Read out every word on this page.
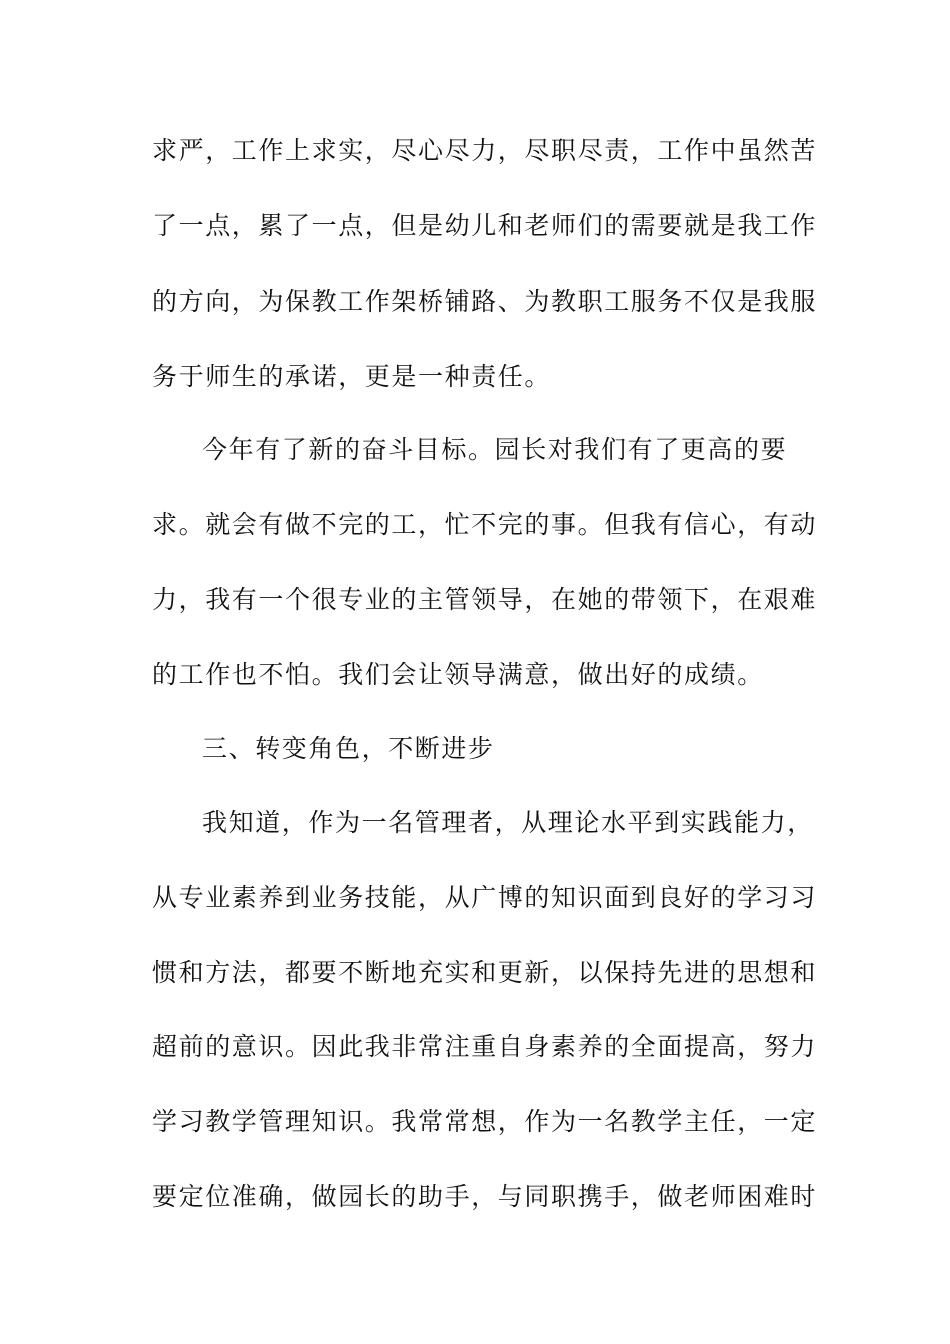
求严，工作上求实，尽心尽力，尽职尽责，工作中虽然苦
了一点，累了一点，但是幼儿和老师们的需要就是我工作
的方向，为保教工作架桥铺路、为教职工服务不仅是我服
务于师生的承诺，更是一种责任。
今年有了新的奋斗目标。园长对我们有了更高的要
求。就会有做不完的工，忙不完的事。但我有信心，有动
力，我有一个很专业的主管领导，在她的带领下，在艰难
的工作也不怕。我们会让领导满意，做出好的成绩。
三、转变角色，不断进步
我知道，作为一名管理者，从理论水平到实践能力，
从专业素养到业务技能，从广博的知识面到良好的学习习
惯和方法，都要不断地充实和更新，以保持先进的思想和
超前的意识。因此我非常注重自身素养的全面提高，努力
学习教学管理知识。我常常想，作为一名教学主任，一定
要定位准确，做园长的助手，与同职携手，做老师困难时
